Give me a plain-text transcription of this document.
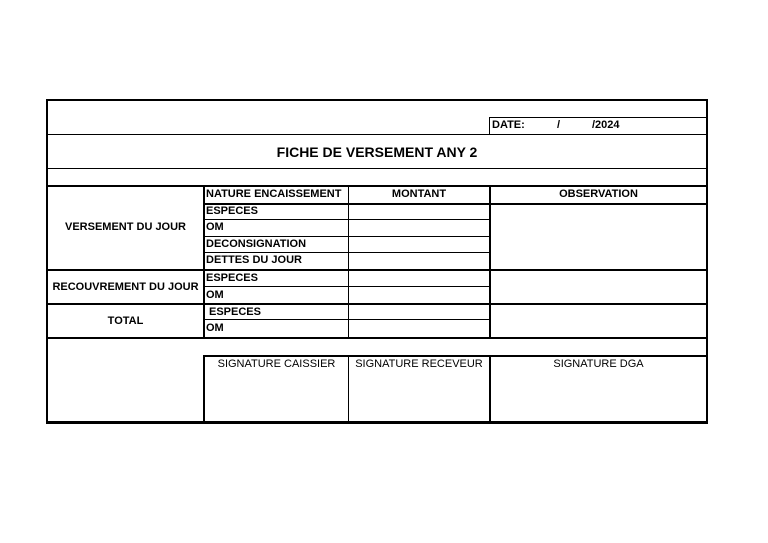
DATE:	/	/2024
FICHE DE VERSEMENT ANY 2
NATURE ENCAISSEMENT	MONTANT	OBSERVATION
VERSEMENT DU JOUR
ESPECES
OM
DECONSIGNATION
DETTES DU JOUR
RECOUVREMENT DU JOUR
ESPECES
OM
TOTAL
ESPECES
OM
SIGNATURE CAISSIER	SIGNATURE RECEVEUR	SIGNATURE DGA
